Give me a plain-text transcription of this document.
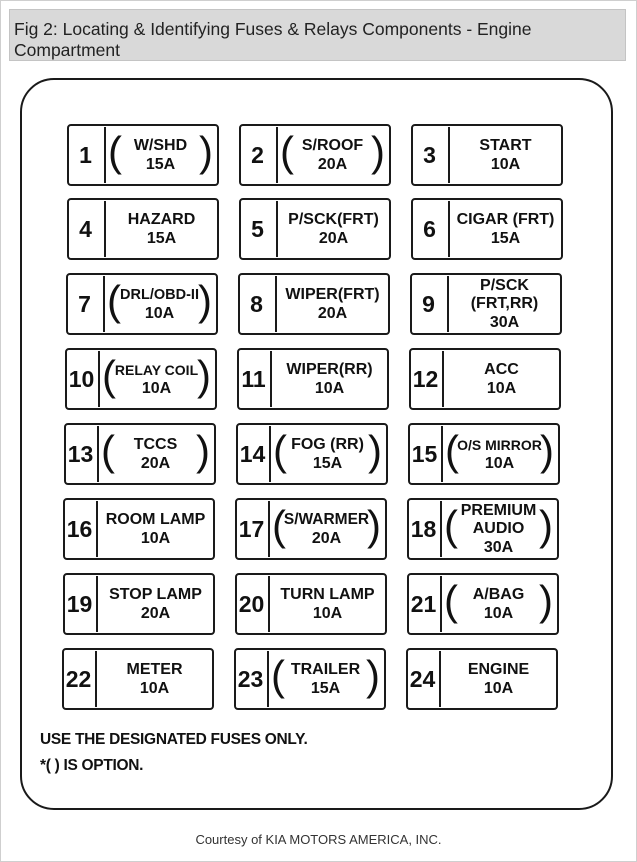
Fig 2: Locating & Identifying Fuses & Relays Components - Engine Compartment
1 ( )
W/SHD
15A	2 ( )
S/ROOF
20A	3	START
10A
4	HAZARD
15A	5	P/SCK(FRT)
20A	6	CIGAR (FRT)
15A
7 ( )
DRL/OBD-II
10A	8	WIPER(FRT)
20A	9
P/SCK
(FRT,RR)
30A
10 ( )
RELAY COIL
10A	11 WIPER(RR)
10A	12	ACC
10A
13 ( )
TCCS
20A	14 ( )
FOG (RR)
15A	15 ( )
O/S MIRROR
10A
16 ROOM LAMP
10A	17 ( )
S/WARMER
20A	18 ( )
PREMIUM
AUDIO
30A
19 STOP LAMP
20A	20 TURN LAMP
10A	21 ( )
A/BAG
10A
22 METER
10A	23 ( )
TRAILER
15A	24 ENGINE
10A
USE THE DESIGNATED FUSES ONLY.
*( ) IS OPTION.
Courtesy of KIA MOTORS AMERICA, INC.
